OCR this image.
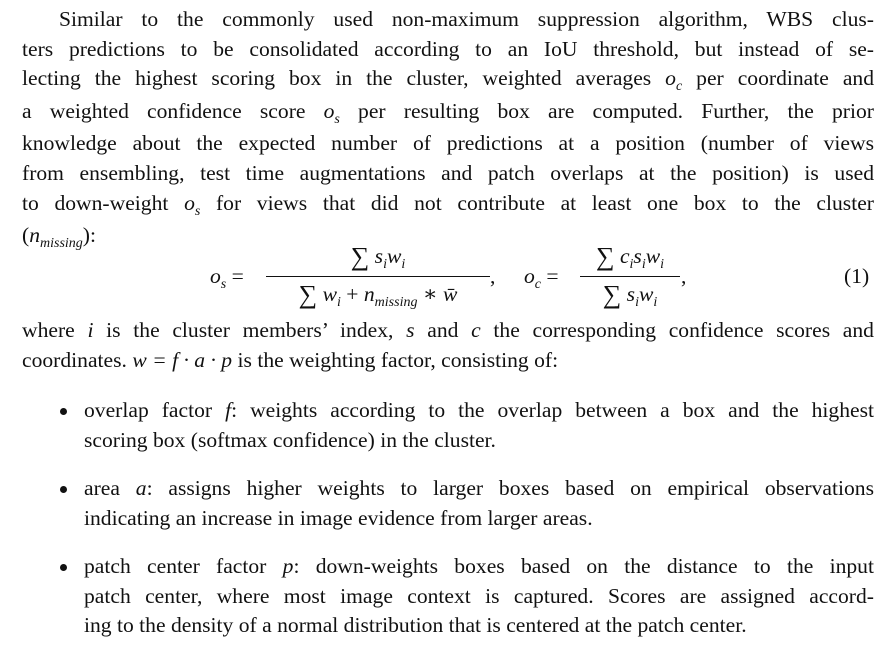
Similar to the commonly used non-maximum suppression algorithm, WBS clus-
ters predictions to be consolidated according to an IoU threshold, but instead of se-
lecting the highest scoring box in the cluster, weighted averages $o_c$ per coordinate and
a weighted confidence score $o_s$ per resulting box are computed. Further, the prior
knowledge about the expected number of predictions at a position (number of views
from ensembling, test time augmentations and patch overlaps at the position) is used
to down-weight $o_s$ for views that did not contribute at least one box to the cluster
$(n_{missing})$:
$o_s$ =
∑ $s_iw_i$
∑ $w_i + n_{missing}$ ∗ w̄
, $o_c$ =
∑ $c_is_iw_i$
∑ $s_iw_i$
,	(1)
where i is the cluster members’ index, s and c the corresponding confidence scores and
coordinates. w = f · a · p is the weighting factor, consisting of:
overlap factor f: weights according to the overlap between a box and the highest
scoring box (softmax confidence) in the cluster.
area a: assigns higher weights to larger boxes based on empirical observations
indicating an increase in image evidence from larger areas.
patch center factor p: down-weights boxes based on the distance to the input
patch center, where most image context is captured. Scores are assigned accord-
ing to the density of a normal distribution that is centered at the patch center.
